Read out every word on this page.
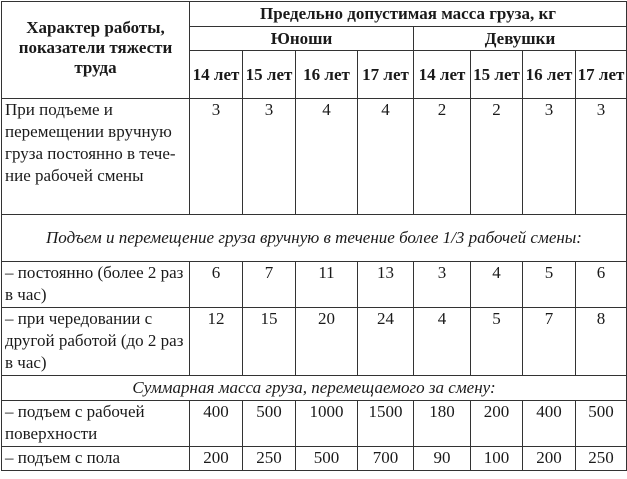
Характер работы, показатели тяжести труда	Предельно допустимая масса груза, кг							
	Юноши				Девушки			
	14 лет	15 лет	16 лет	17 лет	14 лет	15 лет	16 лет	17 лет
При подъеме и перемещении вручную груза постоянно в тече-ние рабочей смены	3	3	4	4	2	2	3	3
Подъем и перемещение груза вручную в течение более 1/3 рабочей смены:								
– постоянно (более 2 раз в час)	6	7	11	13	3	4	5	6
– при чередовании с другой работой (до 2 раз в час)	12	15	20	24	4	5	7	8
Суммарная масса груза, перемещаемого за смену:								
– подъем с рабочей поверхности	400	500	1000	1500	180	200	400	500
– подъем с пола	200	250	500	700	90	100	200	250
